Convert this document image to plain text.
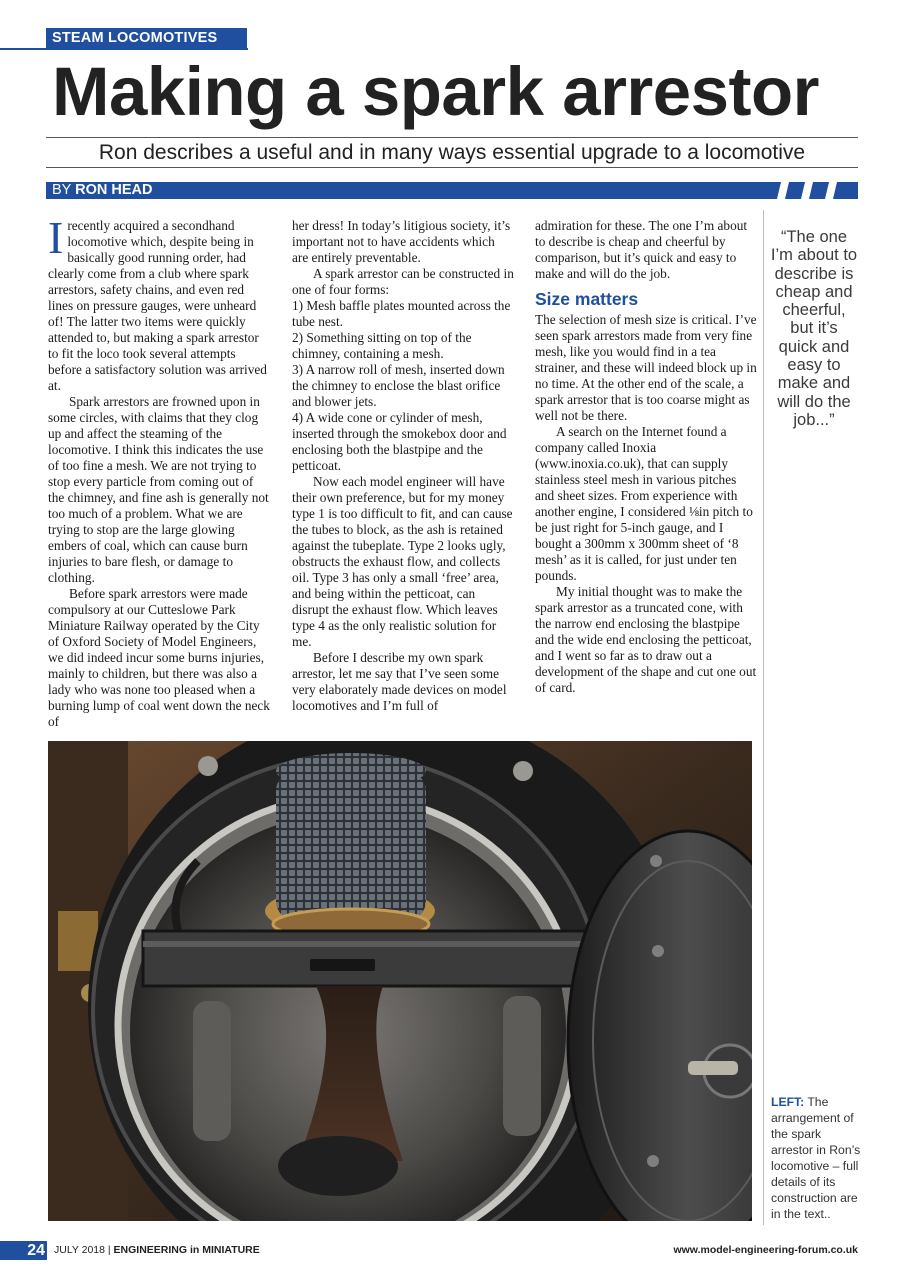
STEAM LOCOMOTIVES
Making a spark arrestor
Ron describes a useful and in many ways essential upgrade to a locomotive
BY RON HEAD

Irecently acquired a secondhand locomotive which, despite being in basically good running order, had clearly come from a club where spark arrestors, safety chains, and even red lines on pressure gauges, were unheard of! The latter two items were quickly attended to, but making a spark arrestor to fit the loco took several attempts before a satisfactory solution was arrived at.

Spark arrestors are frowned upon in some circles, with claims that they clog up and affect the steaming of the locomotive. I think this indicates the use of too fine a mesh. We are not trying to stop every particle from coming out of the chimney, and fine ash is generally not too much of a problem. What we are trying to stop are the large glowing embers of coal, which can cause burn injuries to bare flesh, or damage to clothing.

Before spark arrestors were made compulsory at our Cutteslowe Park Miniature Railway operated by the City of Oxford Society of Model Engineers, we did indeed incur some burns injuries, mainly to children, but there was also a lady who was none too pleased when a burning lump of coal went down the neck of

her dress! In today’s litigious society, it’s important not to have accidents which are entirely preventable.

A spark arrestor can be constructed in one of four forms:

1) Mesh baffle plates mounted across the tube nest.

2) Something sitting on top of the chimney, containing a mesh.

3) A narrow roll of mesh, inserted down the chimney to enclose the blast orifice and blower jets.

4) A wide cone or cylinder of mesh, inserted through the smokebox door and enclosing both the blastpipe and the petticoat.

Now each model engineer will have their own preference, but for my money type 1 is too difficult to fit, and can cause the tubes to block, as the ash is retained against the tubeplate. Type 2 looks ugly, obstructs the exhaust flow, and collects oil. Type 3 has only a small ‘free’ area, and being within the petticoat, can disrupt the exhaust flow. Which leaves type 4 as the only realistic solution for me.

Before I describe my own spark arrestor, let me say that I’ve seen some very elaborately made devices on model locomotives and I’m full of

admiration for these. The one I’m about to describe is cheap and cheerful by comparison, but it’s quick and easy to make and will do the job.

Size matters

The selection of mesh size is critical. I’ve seen spark arrestors made from very fine mesh, like you would find in a tea strainer, and these will indeed block up in no time. At the other end of the scale, a spark arrestor that is too coarse might as well not be there.

A search on the Internet found a company called Inoxia (www.inoxia.co.uk), that can supply stainless steel mesh in various pitches and sheet sizes. From experience with another engine, I considered ⅛in pitch to be just right for 5-inch gauge, and I bought a 300mm x 300mm sheet of ‘8 mesh’ as it is called, for just under ten pounds.

My initial thought was to make the spark arrestor as a truncated cone, with the narrow end enclosing the blastpipe and the wide end enclosing the petticoat, and I went so far as to draw out a development of the shape and cut one out of card.

“The one I’m about to describe is cheap and cheerful, but it’s quick and easy to make and will do the job...”
LEFT: The arrangement of the spark arrestor in Ron’s locomotive – full details of its construction are in the text..
24 JULY 2018 | ENGINEERING in MINIATURE	www.model-engineering-forum.co.uk
